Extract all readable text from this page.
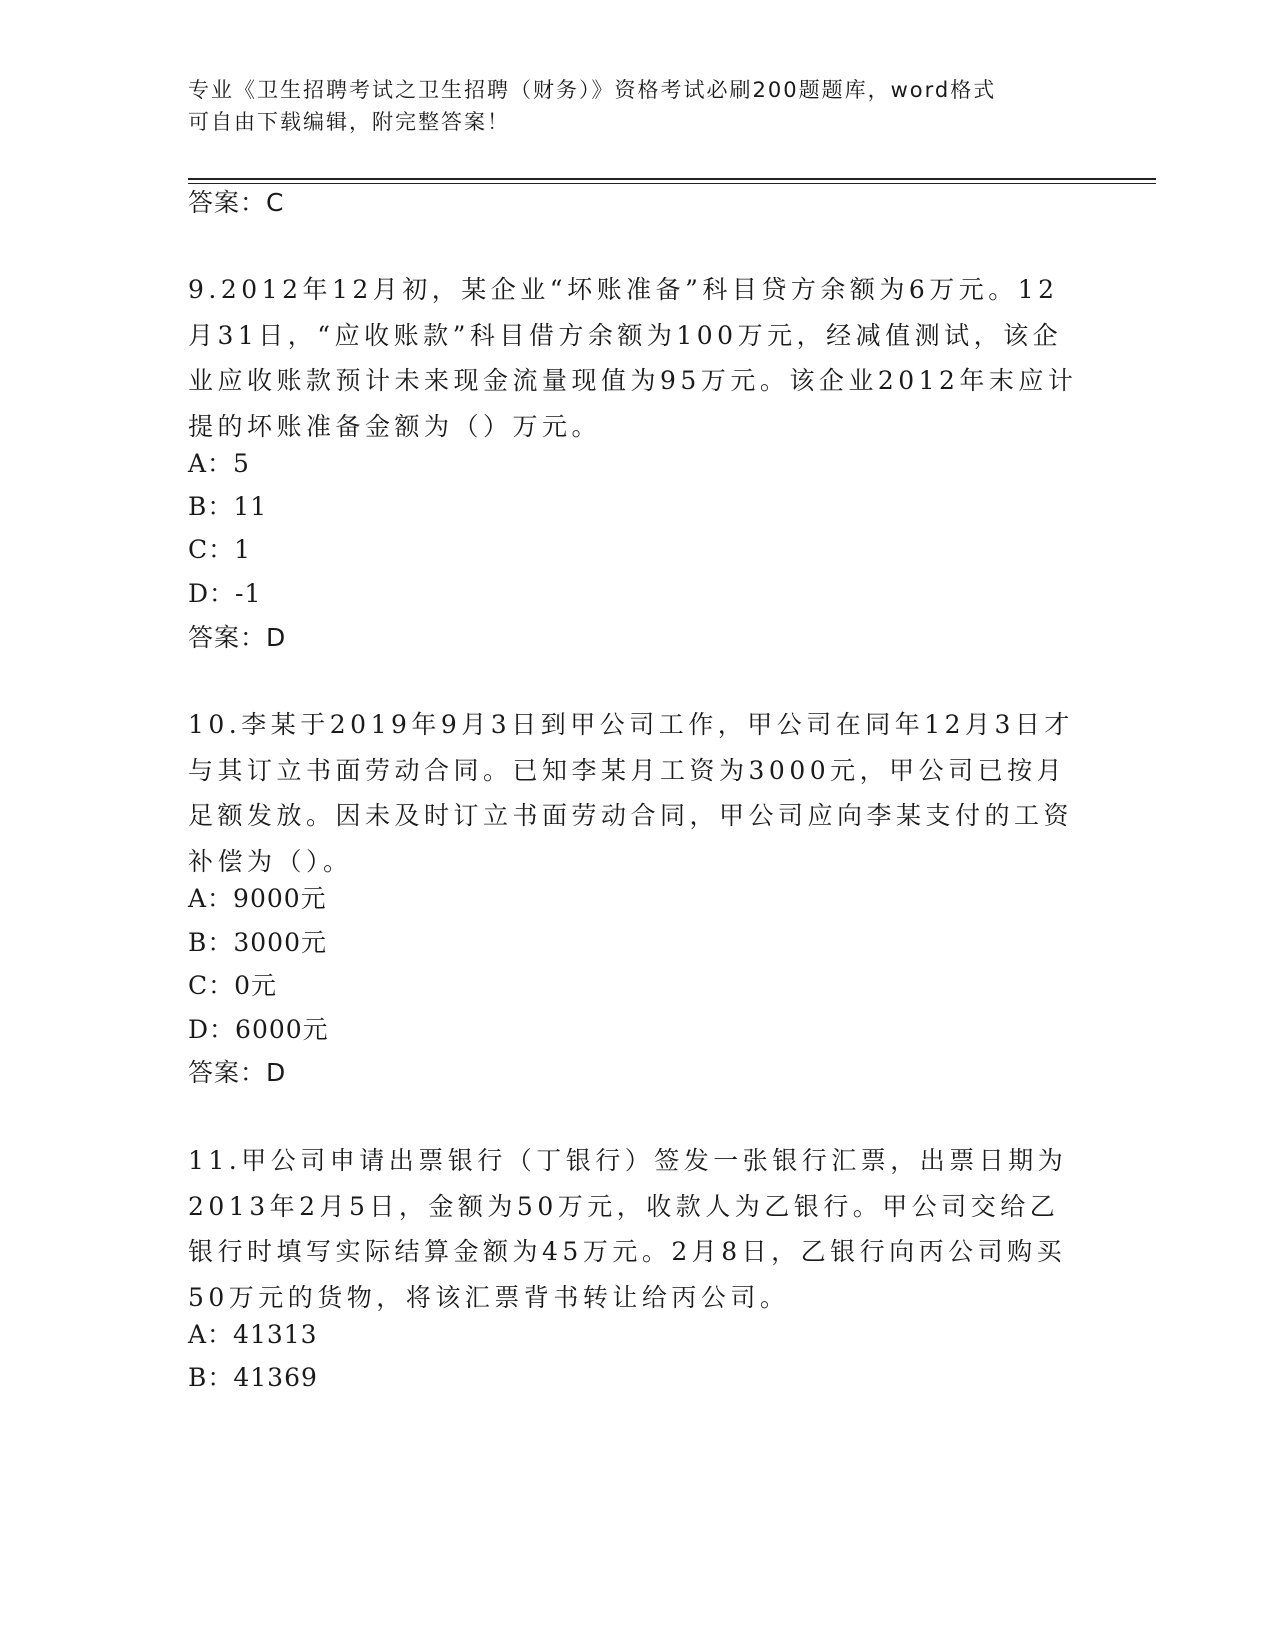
专业《卫生招聘考试之卫生招聘（财务）》资格考试必刷200题题库，word格式
可自由下载编辑，附完整答案！
答案：C
9.2012年12月初，某企业“坏账准备”科目贷方余额为6万元。12月31日，“应收账款”科目借方余额为100万元，经减值测试，该企业应收账款预计未来现金流量现值为95万元。该企业2012年末应计提的坏账准备金额为（）万元。
A：5
B：11
C：1
D：-1
答案：D
10.李某于2019年9月3日到甲公司工作，甲公司在同年12月3日才与其订立书面劳动合同。已知李某月工资为3000元，甲公司已按月足额发放。因未及时订立书面劳动合同，甲公司应向李某支付的工资补偿为（）。
A：9000元
B：3000元
C：0元
D：6000元
答案：D
11.甲公司申请出票银行（丁银行）签发一张银行汇票，出票日期为2013年2月5日，金额为50万元，收款人为乙银行。甲公司交给乙银行时填写实际结算金额为45万元。2月8日，乙银行向丙公司购买50万元的货物，将该汇票背书转让给丙公司。
A：41313
B：41369
